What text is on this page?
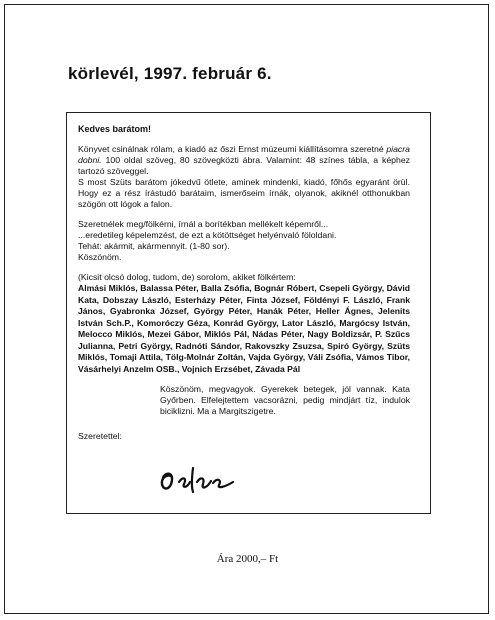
körlevél, 1997. február 6.

Kedves barátom!

Könyvet csinálnak rólam, a kiadó az őszi Ernst múzeumi kiállításomra szeretné piacra dobni. 100 oldal szöveg, 80 szövegközti ábra. Valamint: 48 színes tábla, a képhez tartozó szöveggel.

S most Szüts barátom jókedvű ötlete, aminek mindenki, kiadó, főhős egyaránt örül. Hogy ez a rész írástudó barátaim, ismerőseim írnák, olyanok, akiknél otthonukban szögön ott lógok a falon.

Szeretnélek meg/fölkérni, írnál a borítékban mellékelt képemről...

...eredetileg képelemzést, de ezt a kötöttséget helyénvaló föloldani.

Tehát: akármit, akármennyit. (1-80 sor).

Köszönöm.

(Kicsit olcsó dolog, tudom, de) sorolom, akiket fölkértem:

Almási Miklós, Balassa Péter, Balla Zsófia, Bognár Róbert, Csepeli György, Dávid Kata, Dobszay László, Esterházy Péter, Finta József, Földényi F. László, Frank János, Gyabronka József, György Péter, Hanák Péter, Heller Ágnes, Jelenits István Sch.P., Komoróczy Géza, Konrád György, Lator László, Margócsy István, Melocco Miklós, Mezei Gábor, Miklós Pál, Nádas Péter, Nagy Boldizsár, P. Szűcs Julianna, Petri György, Radnóti Sándor, Rakovszky Zsuzsa, Spiró György, Szüts Miklós, Tomaji Attila, Tölg-Molnár Zoltán, Vajda György, Váli Zsófia, Vámos Tibor, Vásárhelyi Anzelm OSB., Vojnich Erzsébet, Závada Pál

Köszönöm, megvagyok. Gyerekek betegek, jól vannak. Kata Győrben. Elfelejtettem vacsorázni, pedig mindjárt tíz, indulok biciklizni. Ma a Margitszigetre.

Szeretettel:

Ára 2000,– Ft
